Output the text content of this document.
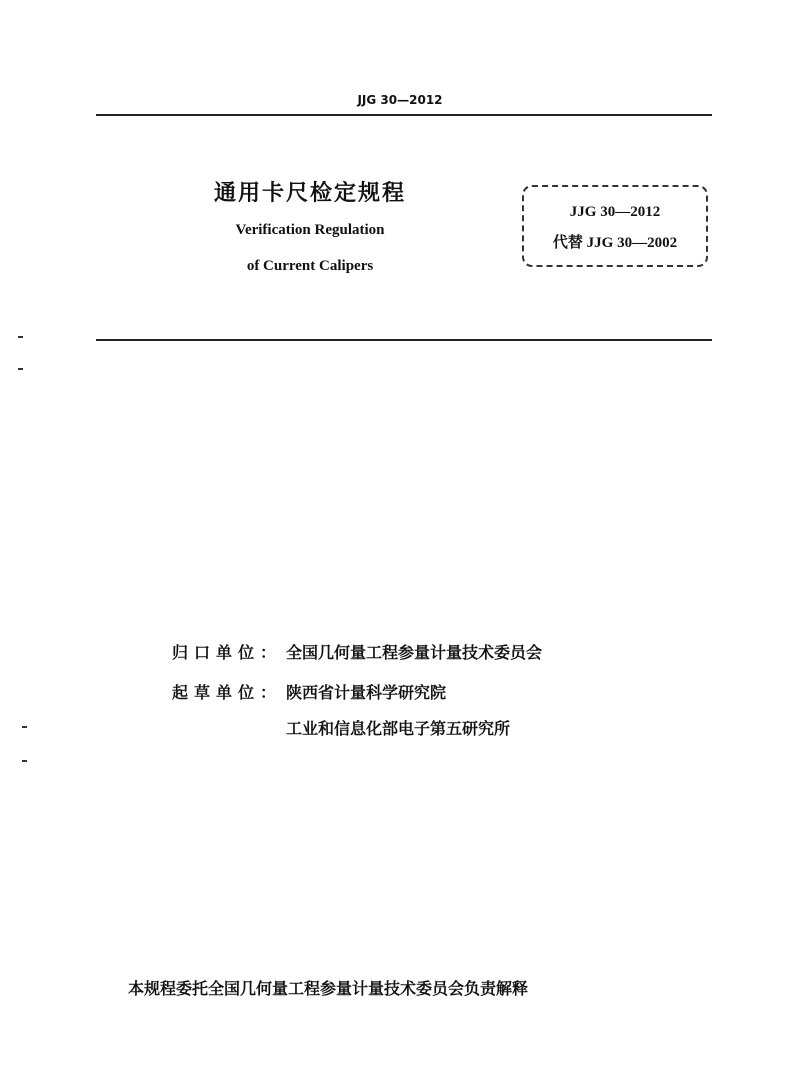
JJG 30—2012
通用卡尺检定规程
Verification Regulation
of Current Calipers
JJG 30—2012
代替 JJG 30—2002
归口单位： 全国几何量工程参量计量技术委员会
起草单位： 陕西省计量科学研究院
工业和信息化部电子第五研究所
本规程委托全国几何量工程参量计量技术委员会负责解释
